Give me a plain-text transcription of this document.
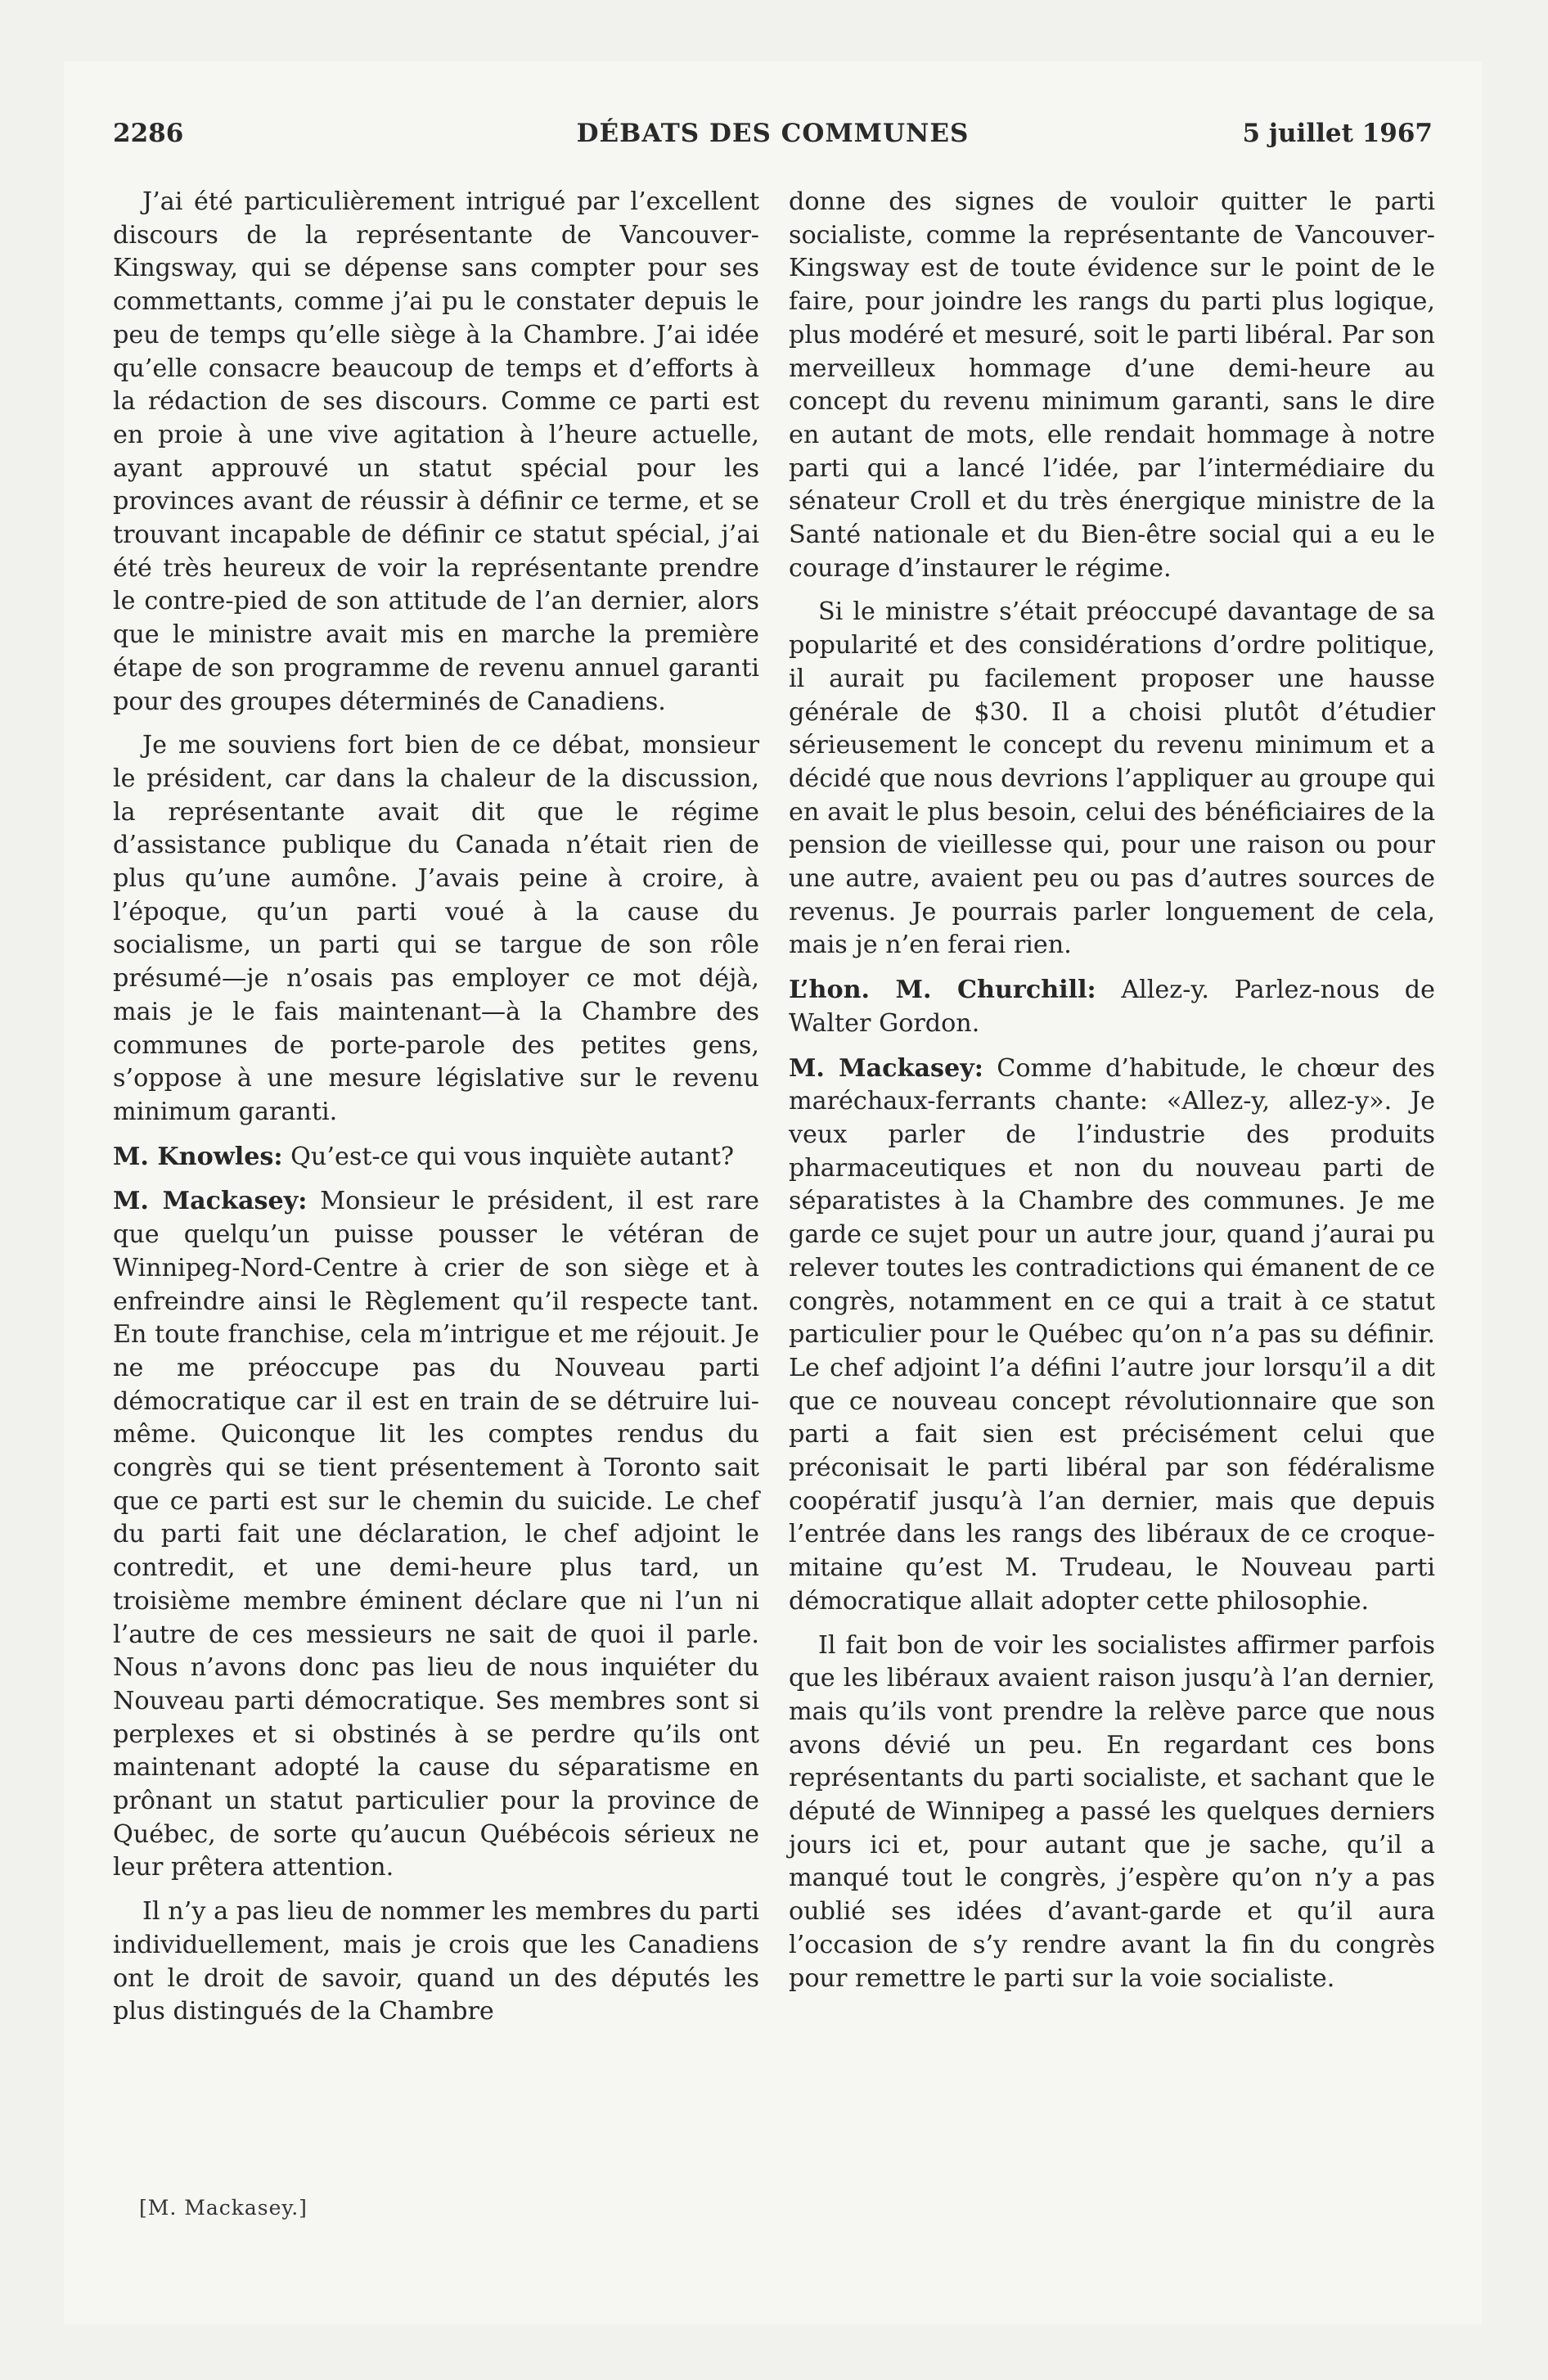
2286	DÉBATS DES COMMUNES	5 juillet 1967

J’ai été particulièrement intrigué par l’excellent discours de la représentante de Vancouver-Kingsway, qui se dépense sans compter pour ses commettants, comme j’ai pu le constater depuis le peu de temps qu’elle siège à la Chambre. J’ai idée qu’elle consacre beaucoup de temps et d’efforts à la rédaction de ses discours. Comme ce parti est en proie à une vive agitation à l’heure actuelle, ayant approuvé un statut spécial pour les provinces avant de réussir à définir ce terme, et se trouvant incapable de définir ce statut spécial, j’ai été très heureux de voir la représentante prendre le contre-pied de son attitude de l’an dernier, alors que le ministre avait mis en marche la première étape de son programme de revenu annuel garanti pour des groupes déterminés de Canadiens.

Je me souviens fort bien de ce débat, monsieur le président, car dans la chaleur de la discussion, la représentante avait dit que le régime d’assistance publique du Canada n’était rien de plus qu’une aumône. J’avais peine à croire, à l’époque, qu’un parti voué à la cause du socialisme, un parti qui se targue de son rôle présumé—je n’osais pas employer ce mot déjà, mais je le fais maintenant—à la Chambre des communes de porte-parole des petites gens, s’oppose à une mesure législative sur le revenu minimum garanti.

M. Knowles: Qu’est-ce qui vous inquiète autant?

M. Mackasey: Monsieur le président, il est rare que quelqu’un puisse pousser le vétéran de Winnipeg-Nord-Centre à crier de son siège et à enfreindre ainsi le Règlement qu’il respecte tant. En toute franchise, cela m’intrigue et me réjouit. Je ne me préoccupe pas du Nouveau parti démocratique car il est en train de se détruire lui-même. Quiconque lit les comptes rendus du congrès qui se tient présentement à Toronto sait que ce parti est sur le chemin du suicide. Le chef du parti fait une déclaration, le chef adjoint le contredit, et une demi-heure plus tard, un troisième membre éminent déclare que ni l’un ni l’autre de ces messieurs ne sait de quoi il parle. Nous n’avons donc pas lieu de nous inquiéter du Nouveau parti démocratique. Ses membres sont si perplexes et si obstinés à se perdre qu’ils ont maintenant adopté la cause du séparatisme en prônant un statut particulier pour la province de Québec, de sorte qu’aucun Québécois sérieux ne leur prêtera attention.

Il n’y a pas lieu de nommer les membres du parti individuellement, mais je crois que les Canadiens ont le droit de savoir, quand un des députés les plus distingués de la Chambre

donne des signes de vouloir quitter le parti socialiste, comme la représentante de Vancouver-Kingsway est de toute évidence sur le point de le faire, pour joindre les rangs du parti plus logique, plus modéré et mesuré, soit le parti libéral. Par son merveilleux hommage d’une demi-heure au concept du revenu minimum garanti, sans le dire en autant de mots, elle rendait hommage à notre parti qui a lancé l’idée, par l’intermédiaire du sénateur Croll et du très énergique ministre de la Santé nationale et du Bien-être social qui a eu le courage d’instaurer le régime.

Si le ministre s’était préoccupé davantage de sa popularité et des considérations d’ordre politique, il aurait pu facilement proposer une hausse générale de $30. Il a choisi plutôt d’étudier sérieusement le concept du revenu minimum et a décidé que nous devrions l’appliquer au groupe qui en avait le plus besoin, celui des bénéficiaires de la pension de vieillesse qui, pour une raison ou pour une autre, avaient peu ou pas d’autres sources de revenus. Je pourrais parler longuement de cela, mais je n’en ferai rien.

L’hon. M. Churchill: Allez-y. Parlez-nous de Walter Gordon.

M. Mackasey: Comme d’habitude, le chœur des maréchaux-ferrants chante: «Allez-y, allez-y». Je veux parler de l’industrie des produits pharmaceutiques et non du nouveau parti de séparatistes à la Chambre des communes. Je me garde ce sujet pour un autre jour, quand j’aurai pu relever toutes les contradictions qui émanent de ce congrès, notamment en ce qui a trait à ce statut particulier pour le Québec qu’on n’a pas su définir. Le chef adjoint l’a défini l’autre jour lorsqu’il a dit que ce nouveau concept révolutionnaire que son parti a fait sien est précisément celui que préconisait le parti libéral par son fédéralisme coopératif jusqu’à l’an dernier, mais que depuis l’entrée dans les rangs des libéraux de ce croque-mitaine qu’est M. Trudeau, le Nouveau parti démocratique allait adopter cette philosophie.

Il fait bon de voir les socialistes affirmer parfois que les libéraux avaient raison jusqu’à l’an dernier, mais qu’ils vont prendre la relève parce que nous avons dévié un peu. En regardant ces bons représentants du parti socialiste, et sachant que le député de Winnipeg a passé les quelques derniers jours ici et, pour autant que je sache, qu’il a manqué tout le congrès, j’espère qu’on n’y a pas oublié ses idées d’avant-garde et qu’il aura l’occasion de s’y rendre avant la fin du congrès pour remettre le parti sur la voie socialiste.

[M. Mackasey.]
